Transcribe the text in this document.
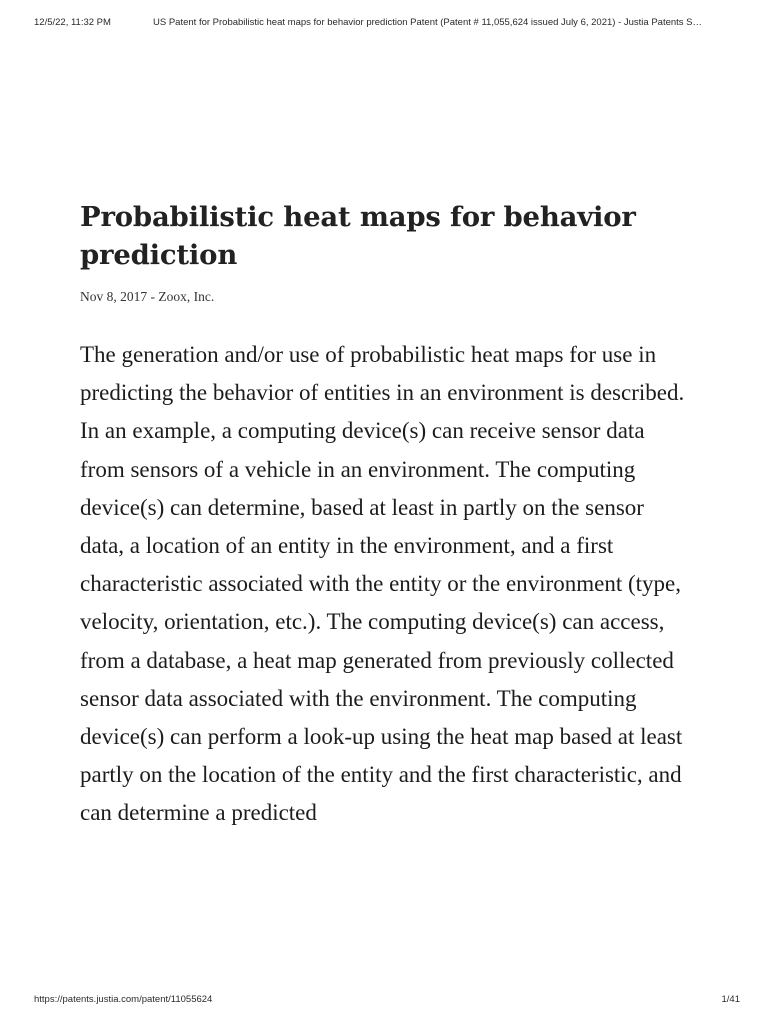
12/5/22, 11:32 PM	US Patent for Probabilistic heat maps for behavior prediction Patent (Patent # 11,055,624 issued July 6, 2021) - Justia Patents S…
Probabilistic heat maps for behavior prediction
Nov 8, 2017 - Zoox, Inc.

The generation and/or use of probabilistic heat maps for use in predicting the behavior of entities in an environment is described. In an example, a computing device(s) can receive sensor data from sensors of a vehicle in an environment. The computing device(s) can determine, based at least in partly on the sensor data, a location of an entity in the environment, and a first characteristic associated with the entity or the environment (type, velocity, orientation, etc.). The computing device(s) can access, from a database, a heat map generated from previously collected sensor data associated with the environment. The computing device(s) can perform a look-up using the heat map based at least partly on the location of the entity and the first characteristic, and can determine a predicted

https://patents.justia.com/patent/11055624	1/41
